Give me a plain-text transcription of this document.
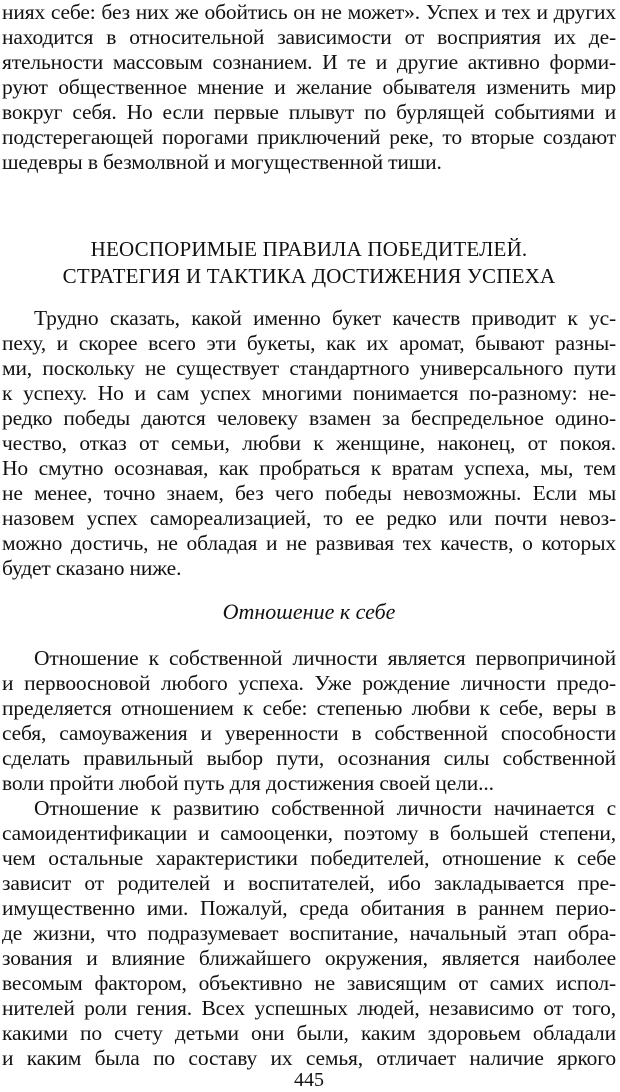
ниях себе: без них же обойтись он не может». Успех и тех и других
находится в относительной зависимости от восприятия их де-
ятельности массовым сознанием. И те и другие активно форми-
руют общественное мнение и желание обывателя изменить мир
вокруг себя. Но если первые плывут по бурлящей событиями и
подстерегающей порогами приключений реке, то вторые создают
шедевры в безмолвной и могущественной тиши.
НЕОСПОРИМЫЕ ПРАВИЛА ПОБЕДИТЕЛЕЙ.
СТРАТЕГИЯ И ТАКТИКА ДОСТИЖЕНИЯ УСПЕХА
Трудно сказать, какой именно букет качеств приводит к ус-
пеху, и скорее всего эти букеты, как их аромат, бывают разны-
ми, поскольку не существует стандартного универсального пути
к успеху. Но и сам успех многими понимается по-разному: не-
редко победы даются человеку взамен за беспредельное одино-
чество, отказ от семьи, любви к женщине, наконец, от покоя.
Но смутно осознавая, как пробраться к вратам успеха, мы, тем
не менее, точно знаем, без чего победы невозможны. Если мы
назовем успех самореализацией, то ее редко или почти невоз-
можно достичь, не обладая и не развивая тех качеств, о которых
будет сказано ниже.
Отношение к себе
Отношение к собственной личности является первопричиной
и первоосновой любого успеха. Уже рождение личности предо-
пределяется отношением к себе: степенью любви к себе, веры в
себя, самоуважения и уверенности в собственной способности
сделать правильный выбор пути, осознания силы собственной
воли пройти любой путь для достижения своей цели...
Отношение к развитию собственной личности начинается с
самоидентификации и самооценки, поэтому в большей степени,
чем остальные характеристики победителей, отношение к себе
зависит от родителей и воспитателей, ибо закладывается пре-
имущественно ими. Пожалуй, среда обитания в раннем перио-
де жизни, что подразумевает воспитание, начальный этап обра-
зования и влияние ближайшего окружения, является наиболее
весомым фактором, объективно не зависящим от самих испол-
нителей роли гения. Всех успешных людей, независимо от того,
какими по счету детьми они были, каким здоровьем обладали
и каким была по составу их семья, отличает наличие яркого
445
